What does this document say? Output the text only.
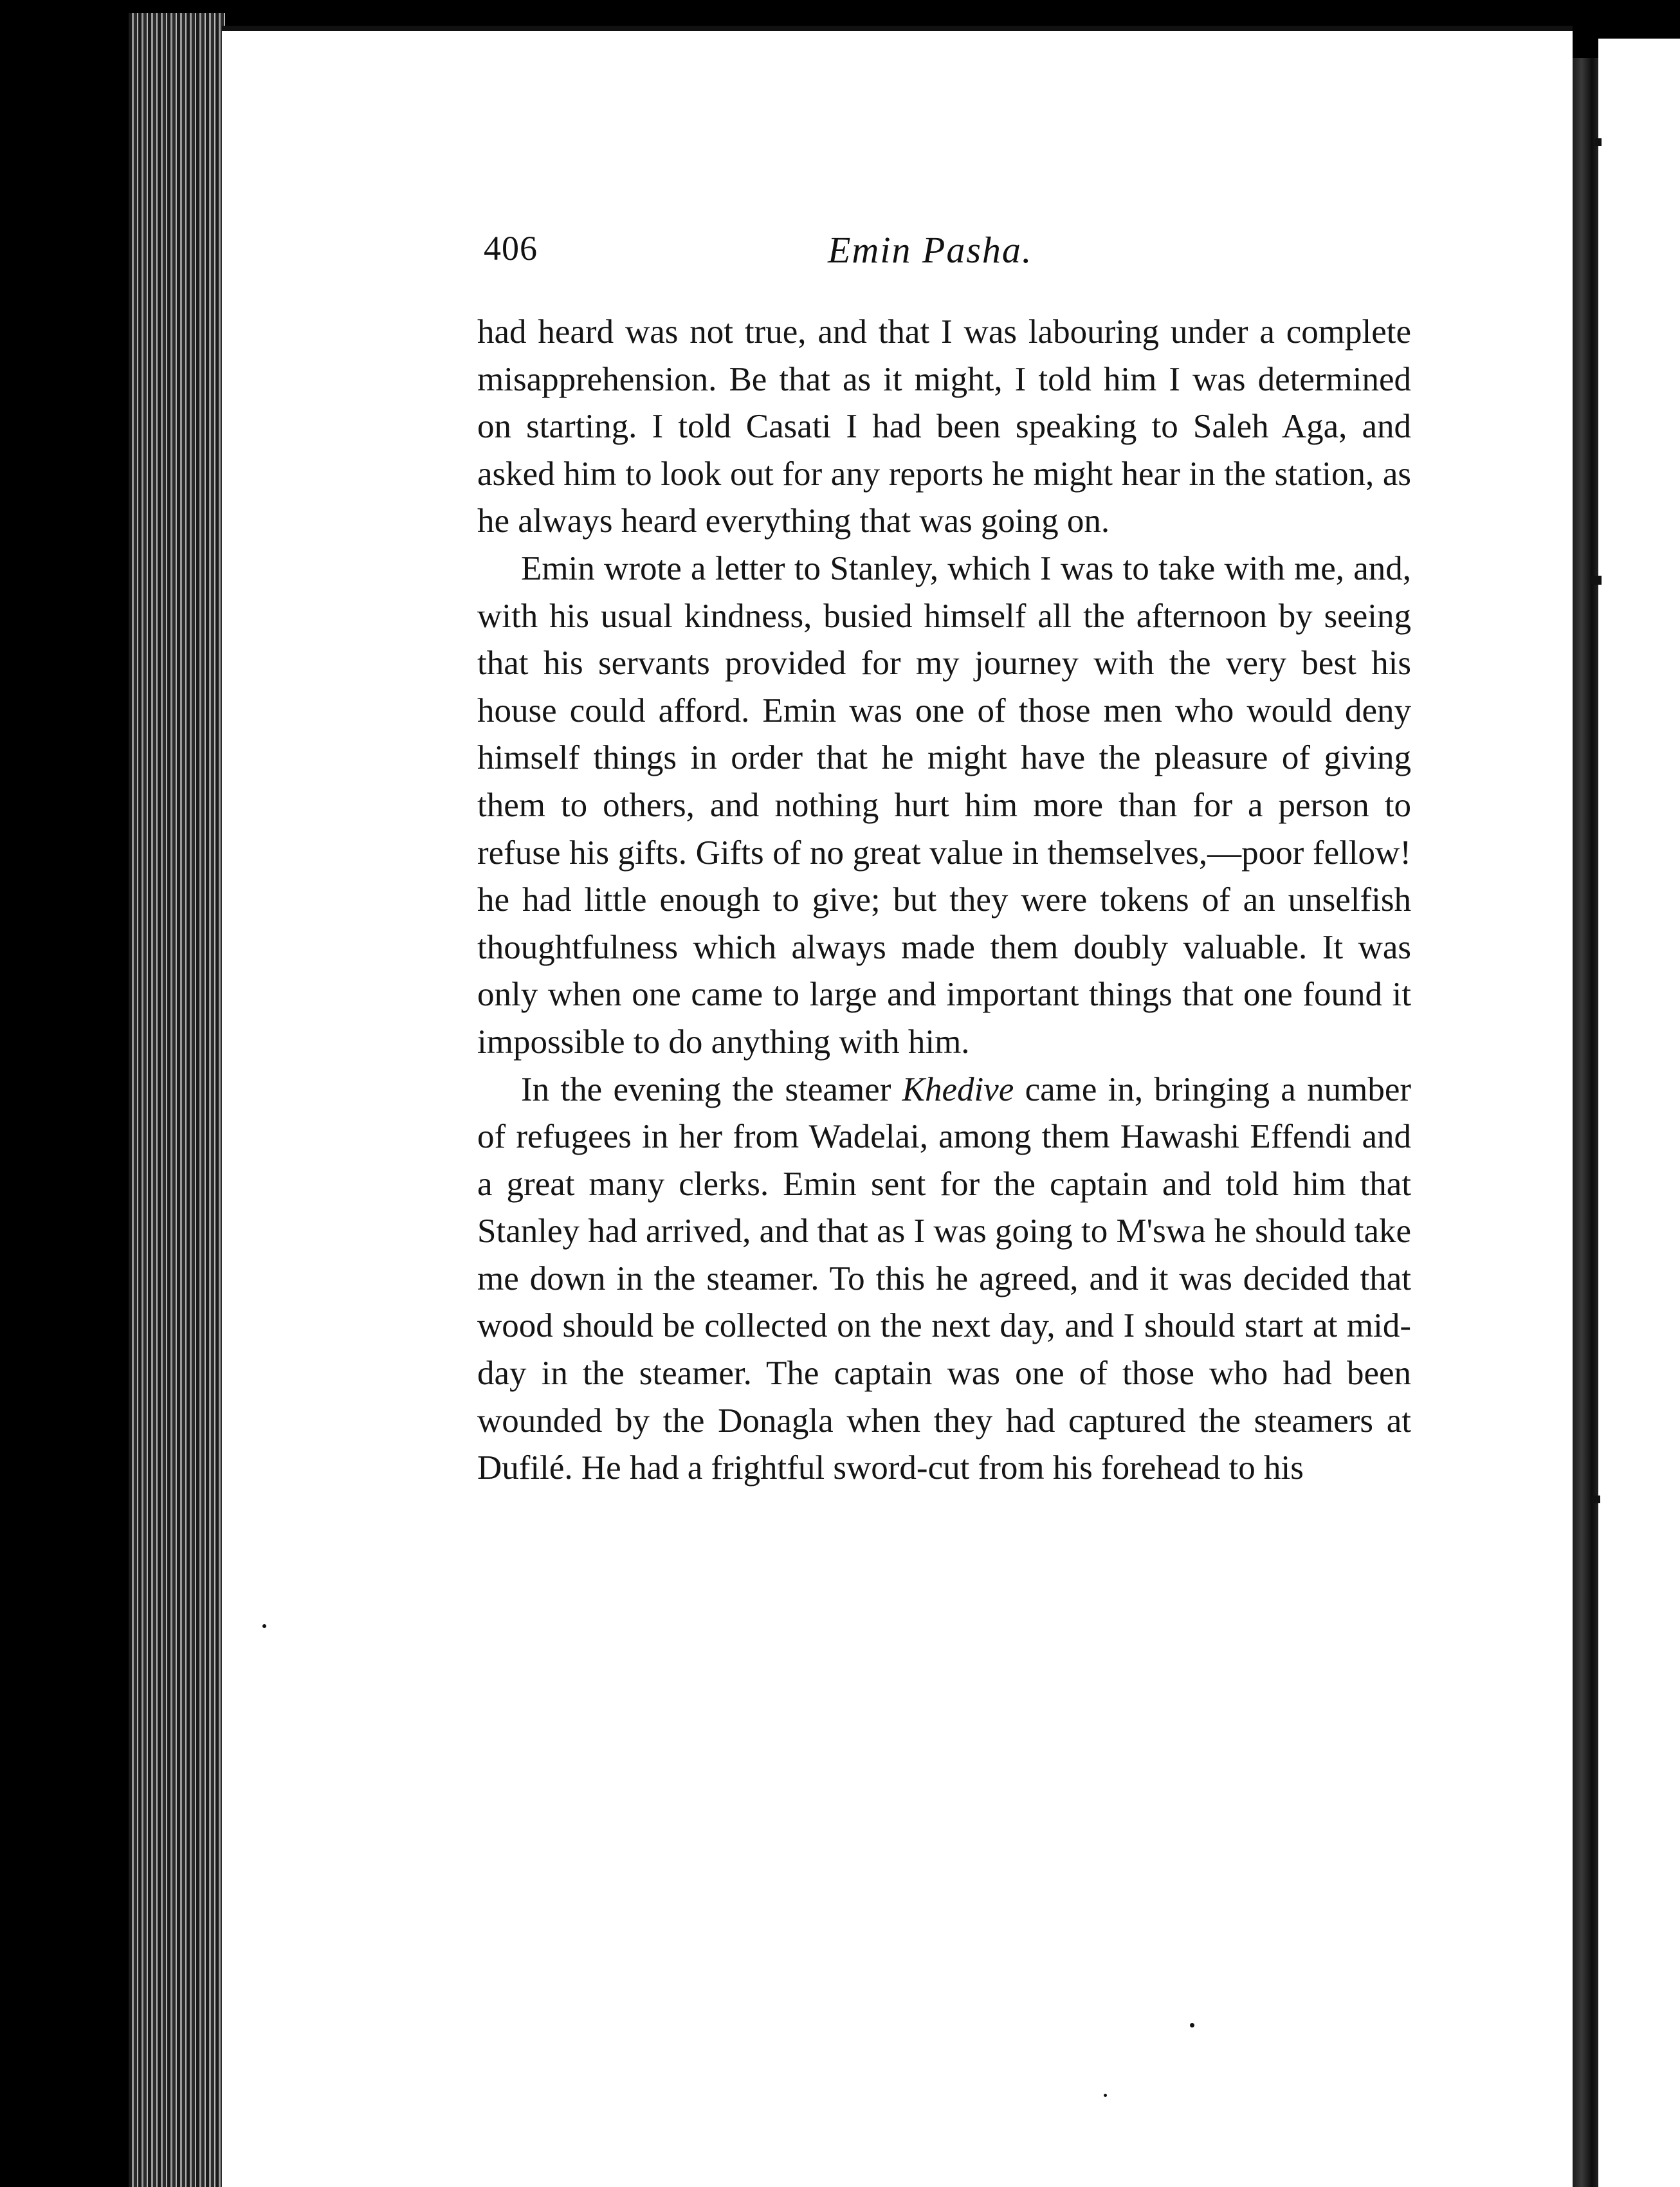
406	Emin Pasha.

had heard was not true, and that I was labouring under a complete misapprehension. Be that as it might, I told him I was determined on starting. I told Casati I had been speaking to Saleh Aga, and asked him to look out for any reports he might hear in the station, as he always heard everything that was going on.

Emin wrote a letter to Stanley, which I was to take with me, and, with his usual kindness, busied himself all the afternoon by seeing that his servants provided for my journey with the very best his house could afford. Emin was one of those men who would deny himself things in order that he might have the pleasure of giving them to others, and nothing hurt him more than for a person to refuse his gifts. Gifts of no great value in themselves,—poor fellow! he had little enough to give; but they were tokens of an unselfish thoughtfulness which always made them doubly valuable. It was only when one came to large and important things that one found it impossible to do anything with him.

In the evening the steamer Khedive came in, bringing a number of refugees in her from Wadelai, among them Hawashi Effendi and a great many clerks. Emin sent for the captain and told him that Stanley had arrived, and that as I was going to M'swa he should take me down in the steamer. To this he agreed, and it was decided that wood should be collected on the next day, and I should start at mid-day in the steamer. The captain was one of those who had been wounded by the Donagla when they had captured the steamers at Dufilé. He had a frightful sword-cut from his forehead to his
